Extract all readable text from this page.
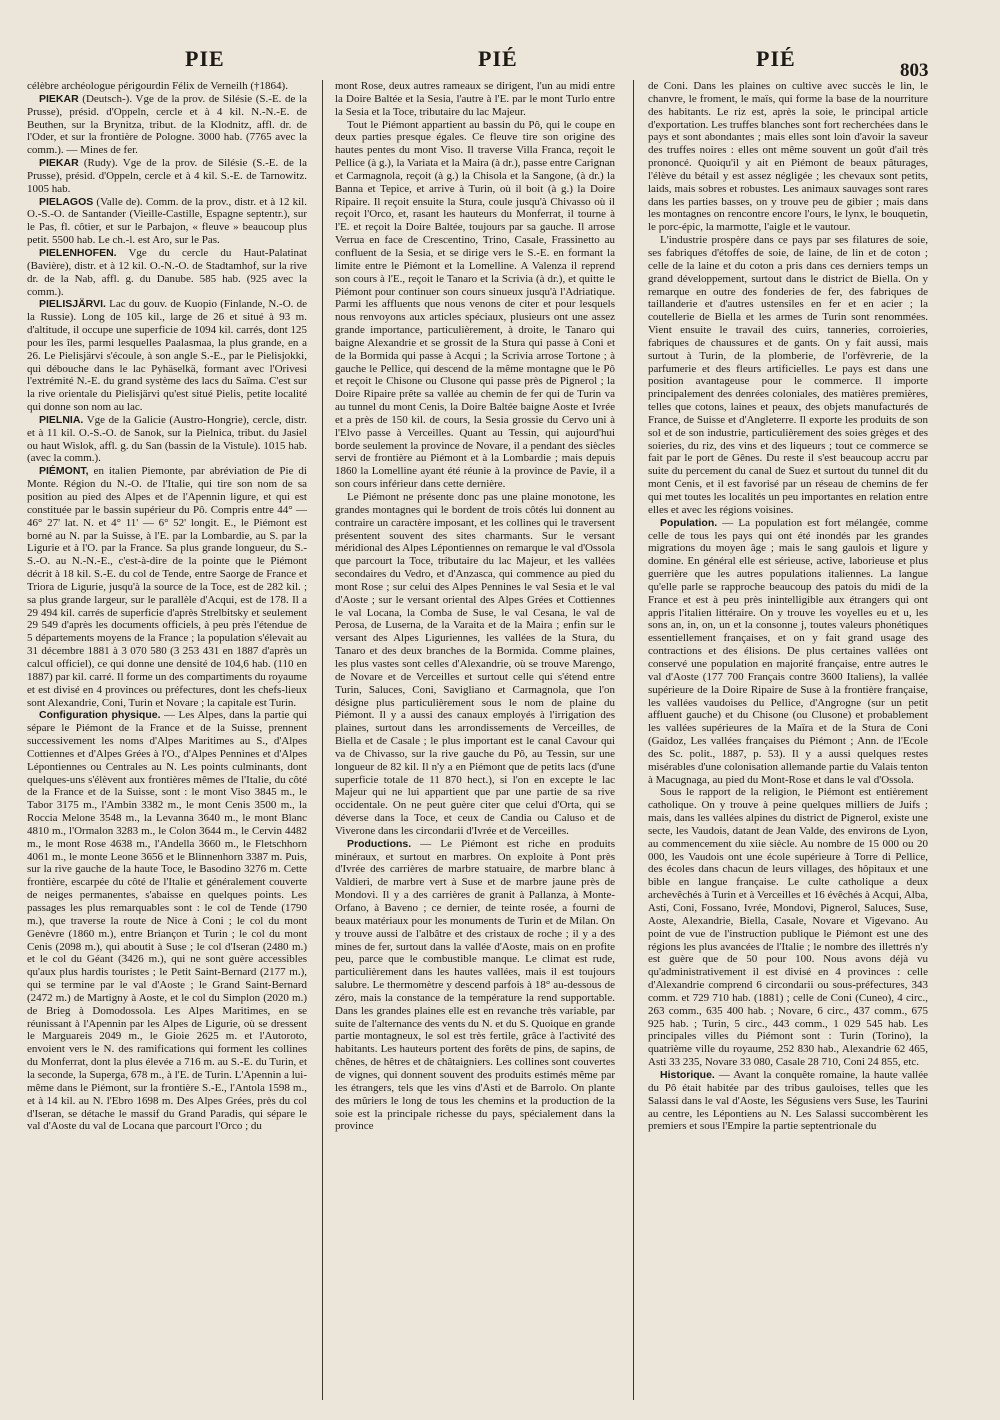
PIE	PIÉ	PIÉ	803

célèbre archéologue périgourdin Félix de Verneilh (†1864).

PIEKAR (Deutsch-). Vge de la prov. de Silésie (S.-E. de la Prusse), présid. d'Oppeln, cercle et à 4 kil. N.-N.-E. de Beuthen, sur la Brynitza, tribut. de la Klodnitz, affl. dr. de l'Oder, et sur la frontière de Pologne. 3000 hab. (7765 avec la comm.). — Mines de fer.

PIEKAR (Rudy). Vge de la prov. de Silésie (S.-E. de la Prusse), présid. d'Oppeln, cercle et à 4 kil. S.-E. de Tarnowitz. 1005 hab.

PIELAGOS (Valle de). Comm. de la prov., distr. et à 12 kil. O.-S.-O. de Santander (Vieille-Castille, Espagne septentr.), sur le Pas, fl. côtier, et sur le Parbajon, « fleuve » beaucoup plus petit. 5500 hab. Le ch.-l. est Aro, sur le Pas.

PIELENHOFEN. Vge du cercle du Haut-Palatinat (Bavière), distr. et à 12 kil. O.-N.-O. de Stadtamhof, sur la rive dr. de la Nab, affl. g. du Danube. 585 hab. (925 avec la comm.).

PIELISJÄRVI. Lac du gouv. de Kuopio (Finlande, N.-O. de la Russie). Long de 105 kil., large de 26 et situé à 93 m. d'altitude, il occupe une superficie de 1094 kil. carrés, dont 125 pour les îles, parmi lesquelles Paalasmaa, la plus grande, en a 26. Le Pielisjärvi s'écoule, à son angle S.-E., par le Pielisjokki, qui débouche dans le lac Pyhäselkä, formant avec l'Orivesi l'extrémité N.-E. du grand système des lacs du Saïma. C'est sur la rive orientale du Pielisjärvi qu'est situé Pielis, petite localité qui donne son nom au lac.

PIELNIA. Vge de la Galicie (Austro-Hongrie), cercle, distr. et à 11 kil. O.-S.-O. de Sanok, sur la Pielnica, tribut. du Jasiel ou haut Wislok, affl. g. du San (bassin de la Vistule). 1015 hab. (avec la comm.).

PIÉMONT, en italien Piemonte, par abréviation de Pie di Monte. Région du N.-O. de l'Italie, qui tire son nom de sa position au pied des Alpes et de l'Apennin ligure, et qui est constituée par le bassin supérieur du Pô. Compris entre 44° — 46° 27' lat. N. et 4° 11' — 6° 52' longit. E., le Piémont est borné au N. par la Suisse, à l'E. par la Lombardie, au S. par la Ligurie et à l'O. par la France. Sa plus grande longueur, du S.-S.-O. au N.-N.-E., c'est-à-dire de la pointe que le Piémont décrit à 18 kil. S.-E. du col de Tende, entre Saorge de France et Triora de Ligurie, jusqu'à la source de la Toce, est de 282 kil. ; sa plus grande largeur, sur le parallèle d'Acqui, est de 178. Il a 29 494 kil. carrés de superficie d'après Strelbitsky et seulement 29 549 d'après les documents officiels, à peu près l'étendue de 5 départements moyens de la France ; la population s'élevait au 31 décembre 1881 à 3 070 580 (3 253 431 en 1887 d'après un calcul officiel), ce qui donne une densité de 104,6 hab. (110 en 1887) par kil. carré. Il forme un des compartiments du royaume et est divisé en 4 provinces ou préfectures, dont les chefs-lieux sont Alexandrie, Coni, Turin et Novare ; la capitale est Turin.

Configuration physique. — Les Alpes, dans la partie qui sépare le Piémont de la France et de la Suisse, prennent successivement les noms d'Alpes Maritimes au S., d'Alpes Cottiennes et d'Alpes Grées à l'O., d'Alpes Pennines et d'Alpes Lépontiennes ou Centrales au N. Les points culminants, dont quelques-uns s'élèvent aux frontières mêmes de l'Italie, du côté de la France et de la Suisse, sont : le mont Viso 3845 m., le Tabor 3175 m., l'Ambin 3382 m., le mont Cenis 3500 m., la Roccia Melone 3548 m., la Levanna 3640 m., le mont Blanc 4810 m., l'Ormalon 3283 m., le Colon 3644 m., le Cervin 4482 m., le mont Rose 4638 m., l'Andella 3660 m., le Fletschhorn 4061 m., le monte Leone 3656 et le Blinnenhorn 3387 m. Puis, sur la rive gauche de la haute Toce, le Basodino 3276 m. Cette frontière, escarpée du côté de l'Italie et généralement couverte de neiges permanentes, s'abaisse en quelques points. Les passages les plus remarquables sont : le col de Tende (1790 m.), que traverse la route de Nice à Coni ; le col du mont Genèvre (1860 m.), entre Briançon et Turin ; le col du mont Cenis (2098 m.), qui aboutit à Suse ; le col d'Iseran (2480 m.) et le col du Géant (3426 m.), qui ne sont guère accessibles qu'aux plus hardis touristes ; le Petit Saint-Bernard (2177 m.), qui se termine par le val d'Aoste ; le Grand Saint-Bernard (2472 m.) de Martigny à Aoste, et le col du Simplon (2020 m.) de Brieg à Domodossola. Les Alpes Maritimes, en se réunissant à l'Apennin par les Alpes de Ligurie, où se dressent le Marguareis 2049 m., le Gioie 2625 m. et l'Autoroto, envoient vers le N. des ramifications qui forment les collines du Monferrat, dont la plus élevée a 716 m. au S.-E. du Turin, et la seconde, la Superga, 678 m., à l'E. de Turin. L'Apennin a lui-même dans le Piémont, sur la frontière S.-E., l'Antola 1598 m., et à 14 kil. au N. l'Ebro 1698 m. Des Alpes Grées, près du col d'Iseran, se détache le massif du Grand Paradis, qui sépare le val d'Aoste du val de Locana que parcourt l'Orco ; du

mont Rose, deux autres rameaux se dirigent, l'un au midi entre la Doire Baltée et la Sesia, l'autre à l'E. par le mont Turlo entre la Sesia et la Toce, tributaire du lac Majeur.

Tout le Piémont appartient au bassin du Pô, qui le coupe en deux parties presque égales. Ce fleuve tire son origine des hautes pentes du mont Viso. Il traverse Villa Franca, reçoit le Pellice (à g.), la Variata et la Maira (à dr.), passe entre Carignan et Carmagnola, reçoit (à g.) la Chisola et la Sangone, (à dr.) la Banna et Tepice, et arrive à Turin, où il boit (à g.) la Doire Ripaire. Il reçoit ensuite la Stura, coule jusqu'à Chivasso où il reçoit l'Orco, et, rasant les hauteurs du Monferrat, il tourne à l'E. et reçoit la Doire Baltée, toujours par sa gauche. Il arrose Verrua en face de Crescentino, Trino, Casale, Frassinetto au confluent de la Sesia, et se dirige vers le S.-E. en formant la limite entre le Piémont et la Lomelline. A Valenza il reprend son cours à l'E., reçoit le Tanaro et la Scrivia (à dr.), et quitte le Piémont pour continuer son cours sinueux jusqu'à l'Adriatique. Parmi les affluents que nous venons de citer et pour lesquels nous renvoyons aux articles spéciaux, plusieurs ont une assez grande importance, particulièrement, à droite, le Tanaro qui baigne Alexandrie et se grossit de la Stura qui passe à Coni et de la Bormida qui passe à Acqui ; la Scrivia arrose Tortone ; à gauche le Pellice, qui descend de la même montagne que le Pô et reçoit le Chisone ou Clusone qui passe près de Pignerol ; la Doire Ripaire prête sa vallée au chemin de fer qui de Turin va au tunnel du mont Cenis, la Doire Baltée baigne Aoste et Ivrée et a près de 150 kil. de cours, la Sesia grossie du Cervo uni à l'Elvo passe à Verceilles. Quant au Tessin, qui aujourd'hui borde seulement la province de Novare, il a pendant des siècles servi de frontière au Piémont et à la Lombardie ; mais depuis 1860 la Lomelline ayant été réunie à la province de Pavie, il a son cours inférieur dans cette dernière.

Le Piémont ne présente donc pas une plaine monotone, les grandes montagnes qui le bordent de trois côtés lui donnent au contraire un caractère imposant, et les collines qui le traversent présentent souvent des sites charmants. Sur le versant méridional des Alpes Lépontiennes on remarque le val d'Ossola que parcourt la Toce, tributaire du lac Majeur, et les vallées secondaires du Vedro, et d'Anzasca, qui commence au pied du mont Rose ; sur celui des Alpes Pennines le val Sesia et le val d'Aoste ; sur le versant oriental des Alpes Grées et Cottiennes le val Locana, la Comba de Suse, le val Cesana, le val de Perosa, de Luserna, de la Varaita et de la Maira ; enfin sur le versant des Alpes Liguriennes, les vallées de la Stura, du Tanaro et des deux branches de la Bormida. Comme plaines, les plus vastes sont celles d'Alexandrie, où se trouve Marengo, de Novare et de Verceilles et surtout celle qui s'étend entre Turin, Saluces, Coni, Savigliano et Carmagnola, que l'on désigne plus particulièrement sous le nom de plaine du Piémont. Il y a aussi des canaux employés à l'irrigation des plaines, surtout dans les arrondissements de Verceilles, de Biella et de Casale ; le plus important est le canal Cavour qui va de Chivasso, sur la rive gauche du Pô, au Tessin, sur une longueur de 82 kil. Il n'y a en Piémont que de petits lacs (d'une superficie totale de 11 870 hect.), si l'on en excepte le lac Majeur qui ne lui appartient que par une partie de sa rive occidentale. On ne peut guère citer que celui d'Orta, qui se déverse dans la Toce, et ceux de Candia ou Caluso et de Viverone dans les circondarii d'Ivrée et de Verceilles.

Productions. — Le Piémont est riche en produits minéraux, et surtout en marbres. On exploite à Pont près d'Ivrée des carrières de marbre statuaire, de marbre blanc à Valdieri, de marbre vert à Suse et de marbre jaune près de Mondovi. Il y a des carrières de granit à Pallanza, à Monte-Orfano, à Baveno ; ce dernier, de teinte rosée, a fourni de beaux matériaux pour les monuments de Turin et de Milan. On y trouve aussi de l'albâtre et des cristaux de roche ; il y a des mines de fer, surtout dans la vallée d'Aoste, mais on en profite peu, parce que le combustible manque. Le climat est rude, particulièrement dans les hautes vallées, mais il est toujours salubre. Le thermomètre y descend parfois à 18° au-dessous de zéro, mais la constance de la température la rend supportable. Dans les grandes plaines elle est en revanche très variable, par suite de l'alternance des vents du N. et du S. Quoique en grande partie montagneux, le sol est très fertile, grâce à l'activité des habitants. Les hauteurs portent des forêts de pins, de sapins, de chênes, de hêtres et de châtaigniers. Les collines sont couvertes de vignes, qui donnent souvent des produits estimés même par les étrangers, tels que les vins d'Asti et de Barrolo. On plante des mûriers le long de tous les chemins et la production de la soie est la principale richesse du pays, spécialement dans la province

de Coni. Dans les plaines on cultive avec succès le lin, le chanvre, le froment, le maïs, qui forme la base de la nourriture des habitants. Le riz est, après la soie, le principal article d'exportation. Les truffes blanches sont fort recherchées dans le pays et sont abondantes ; mais elles sont loin d'avoir la saveur des truffes noires : elles ont même souvent un goût d'ail très prononcé. Quoiqu'il y ait en Piémont de beaux pâturages, l'élève du bétail y est assez négligée ; les chevaux sont petits, laids, mais sobres et robustes. Les animaux sauvages sont rares dans les parties basses, on y trouve peu de gibier ; mais dans les montagnes on rencontre encore l'ours, le lynx, le bouquetin, le porc-épic, la marmotte, l'aigle et le vautour.

L'industrie prospère dans ce pays par ses filatures de soie, ses fabriques d'étoffes de soie, de laine, de lin et de coton ; celle de la laine et du coton a pris dans ces derniers temps un grand développement, surtout dans le district de Biella. On y remarque en outre des fonderies de fer, des fabriques de taillanderie et d'autres ustensiles en fer et en acier ; la coutellerie de Biella et les armes de Turin sont renommées. Vient ensuite le travail des cuirs, tanneries, corroieries, fabriques de chaussures et de gants. On y fait aussi, mais surtout à Turin, de la plomberie, de l'orfèvrerie, de la parfumerie et des fleurs artificielles. Le pays est dans une position avantageuse pour le commerce. Il importe principalement des denrées coloniales, des matières premières, telles que cotons, laines et peaux, des objets manufacturés de France, de Suisse et d'Angleterre. Il exporte les produits de son sol et de son industrie, particulièrement des soies grèges et des soieries, du riz, des vins et des liqueurs ; tout ce commerce se fait par le port de Gênes. Du reste il s'est beaucoup accru par suite du percement du canal de Suez et surtout du tunnel dit du mont Cenis, et il est favorisé par un réseau de chemins de fer qui met toutes les localités un peu importantes en relation entre elles et avec les régions voisines.

Population. — La population est fort mélangée, comme celle de tous les pays qui ont été inondés par les grandes migrations du moyen âge ; mais le sang gaulois et ligure y domine. En général elle est sérieuse, active, laborieuse et plus guerrière que les autres populations italiennes. La langue qu'elle parle se rapproche beaucoup des patois du midi de la France et est à peu près inintelligible aux étrangers qui ont appris l'italien littéraire. On y trouve les voyelles eu et u, les sons an, in, on, un et la consonne j, toutes valeurs phonétiques essentiellement françaises, et on y fait grand usage des contractions et des élisions. De plus certaines vallées ont conservé une population en majorité française, entre autres le val d'Aoste (177 700 Français contre 3600 Italiens), la vallée supérieure de la Doire Ripaire de Suse à la frontière française, les vallées vaudoises du Pellice, d'Angrogne (sur un petit affluent gauche) et du Chisone (ou Clusone) et probablement les vallées supérieures de la Maïra et de la Stura de Coni (Gaidoz, Les vallées françaises du Piémont ; Ann. de l'Ecole des Sc. polit., 1887, p. 53). Il y a aussi quelques restes misérables d'une colonisation allemande partie du Valais tenton à Macugnaga, au pied du Mont-Rose et dans le val d'Ossola.

Sous le rapport de la religion, le Piémont est entièrement catholique. On y trouve à peine quelques milliers de Juifs ; mais, dans les vallées alpines du district de Pignerol, existe une secte, les Vaudois, datant de Jean Valde, des environs de Lyon, au commencement du xiie siècle. Au nombre de 15 000 ou 20 000, les Vaudois ont une école supérieure à Torre di Pellice, des écoles dans chacun de leurs villages, des hôpitaux et une bible en langue française. Le culte catholique a deux archevêchés à Turin et à Verceilles et 16 évêchés à Acqui, Alba, Asti, Coni, Fossano, Ivrée, Mondovi, Pignerol, Saluces, Suse, Aoste, Alexandrie, Biella, Casale, Novare et Vigevano. Au point de vue de l'instruction publique le Piémont est une des régions les plus avancées de l'Italie ; le nombre des illettrés n'y est guère que de 50 pour 100. Nous avons déjà vu qu'administrativement il est divisé en 4 provinces : celle d'Alexandrie comprend 6 circondarii ou sous-préfectures, 343 comm. et 729 710 hab. (1881) ; celle de Coni (Cuneo), 4 circ., 263 comm., 635 400 hab. ; Novare, 6 circ., 437 comm., 675 925 hab. ; Turin, 5 circ., 443 comm., 1 029 545 hab. Les principales villes du Piémont sont : Turin (Torino), la quatrième ville du royaume, 252 830 hab., Alexandrie 62 465, Asti 33 235, Novare 33 080, Casale 28 710, Coni 24 855, etc.

Historique. — Avant la conquête romaine, la haute vallée du Pô était habitée par des tribus gauloises, telles que les Salassi dans le val d'Aoste, les Ségusiens vers Suse, les Taurini au centre, les Lépontiens au N. Les Salassi succombèrent les premiers et sous l'Empire la partie septentrionale du
